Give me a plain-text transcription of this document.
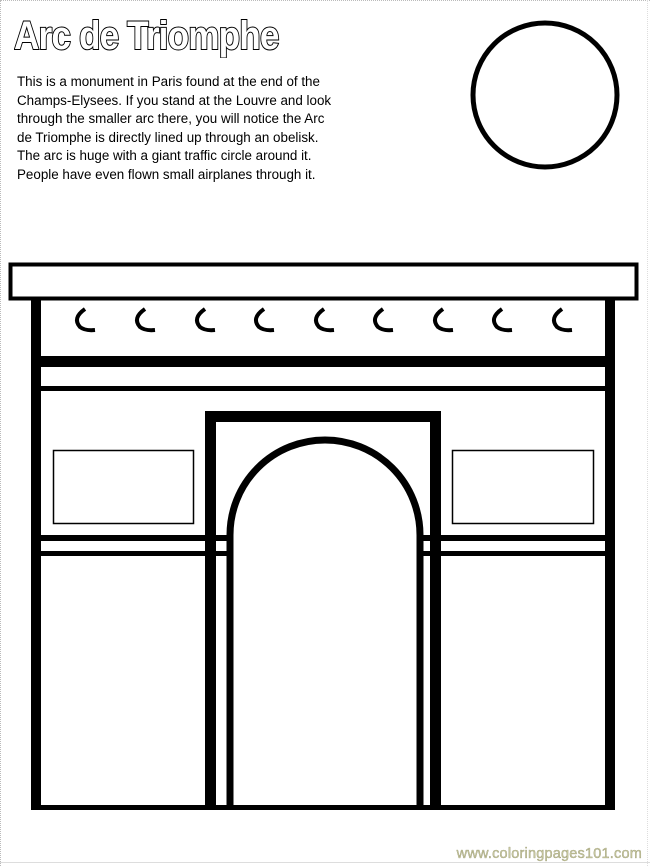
Arc de Triomphe
This is a monument in Paris found at the end of the
Champs-Elysees. If you stand at the Louvre and look
through the smaller arc there, you will notice the Arc
de Triomphe is directly lined up through an obelisk.
The arc is huge with a giant traffic circle around it.
People have even flown small airplanes through it.
www.coloringpages101.com
